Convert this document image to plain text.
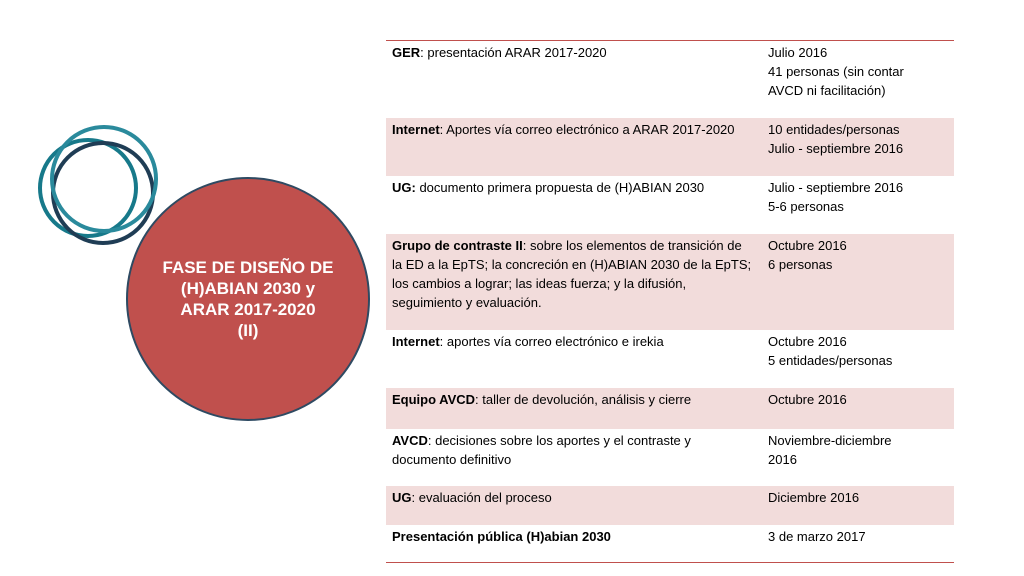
FASE DE DISEÑO DE
(H)ABIAN 2030 y
ARAR 2017-2020
(II)
GER: presentación ARAR 2017-2020	Julio 2016
41 personas (sin contar
AVCD ni facilitación)

Internet: Aportes vía correo electrónico a ARAR 2017-2020	10 entidades/personas
Julio - septiembre 2016

UG: documento primera propuesta de (H)ABIAN 2030	Julio - septiembre 2016
5-6 personas

Grupo de contraste II: sobre los elementos de transición de la ED a la EpTS; la concreción en (H)ABIAN 2030 de la EpTS; los cambios a lograr; las ideas fuerza; y la difusión, seguimiento y evaluación.	Octubre 2016
6 personas

Internet: aportes vía correo electrónico e irekia	Octubre 2016
5 entidades/personas

Equipo AVCD: taller de devolución, análisis y cierre	Octubre 2016

AVCD: decisiones sobre los aportes y el contraste y documento definitivo	Noviembre-diciembre
2016

UG: evaluación del proceso	Diciembre 2016

Presentación pública (H)abian 2030	3 de marzo 2017
